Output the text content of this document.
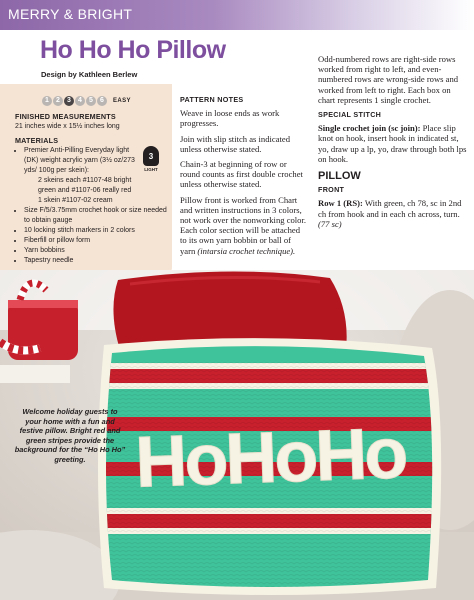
MERRY & BRIGHT
Ho Ho Ho Pillow
Design by Kathleen Berlew
1	2	3	4	5	6	EASY
3
LIGHT
FINISHED MEASUREMENTS
21 inches wide x 15½ inches long
MATERIALS
• Premier Anti-Pilling Everyday light (DK) weight acrylic yarn (3½ oz/273 yds/ 100g per skein):
2 skeins each #1107-48 bright green and #1107-06 really red
1 skein #1107-02 cream
• Size F/5/3.75mm crochet hook or size needed to obtain gauge
• 10 locking stitch markers in 2 colors
• Fiberfill or pillow form
• Yarn bobbins
• Tapestry needle
PATTERN NOTES

Weave in loose ends as work progresses.

Join with slip stitch as indicated unless otherwise stated.

Chain-3 at beginning of row or round counts as first double crochet unless otherwise stated.

Pillow front is worked from Chart and written instructions in 3 colors, not work over the nonworking color. Each color section will be attached to its own yarn bobbin or ball of yarn (intarsia crochet technique).

Odd-numbered rows are right-side rows worked from right to left, and even-numbered rows are wrong-side rows and worked from left to right. Each box on chart represents 1 single crochet.

SPECIAL STITCH

Single crochet join (sc join): Place slip knot on hook, insert hook in indicated st, yo, draw up a lp, yo, draw through both lps on hook.

PILLOW
FRONT

Row 1 (RS): With green, ch 78, sc in 2nd ch from hook and in each ch across, turn. (77 sc)

HoHoHo
Welcome holiday guests to your home with a fun and festive pillow. Bright red and green stripes provide the background for the “Ho Ho Ho” greeting.
